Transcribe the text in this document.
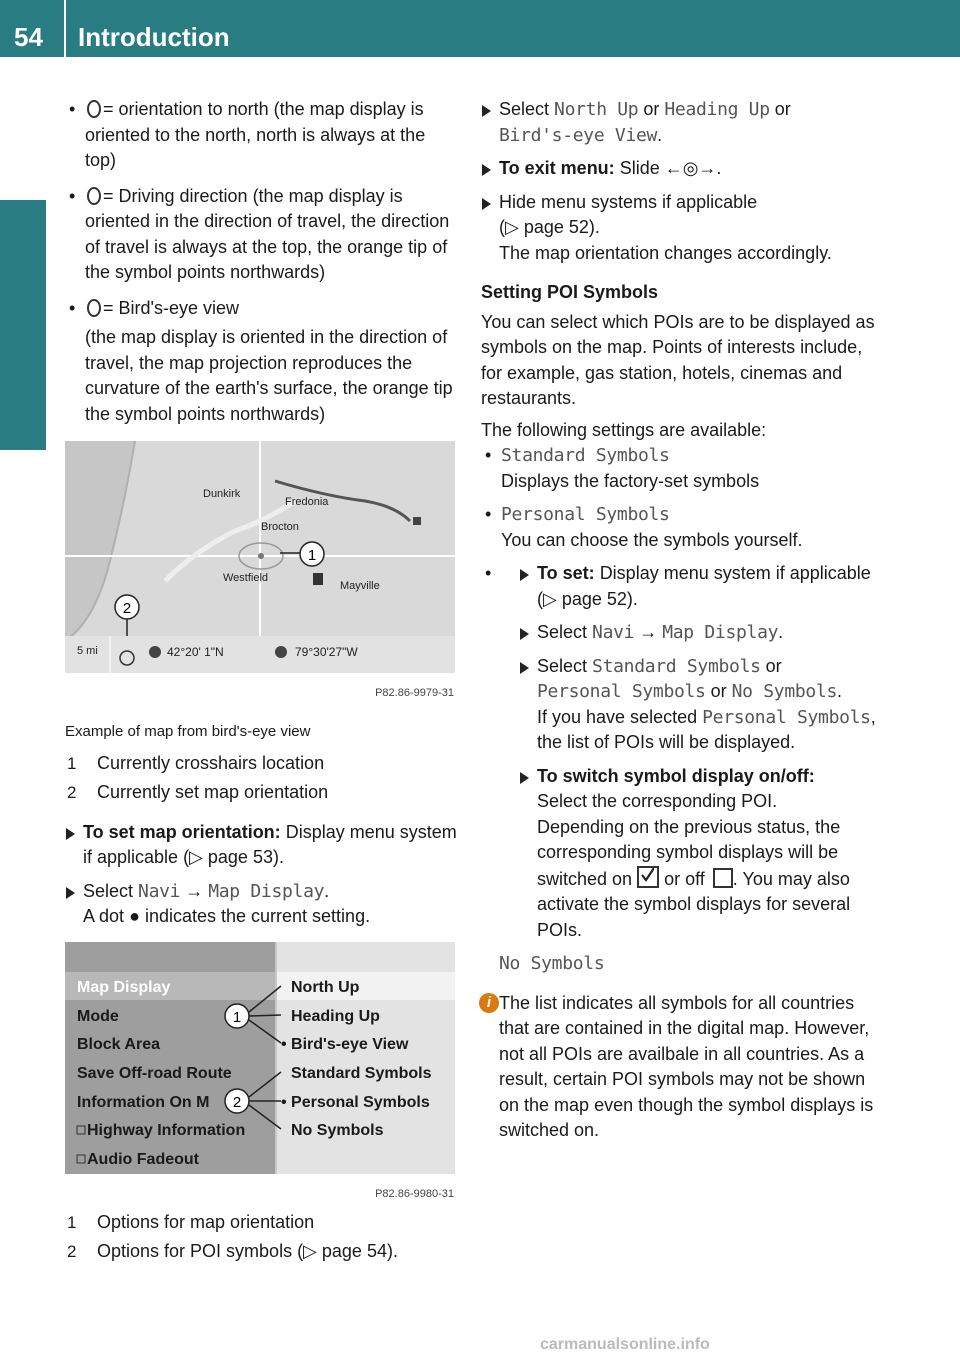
54 Introduction
Navigation
• = orientation to north (the map display is oriented to the north, north is always at the top)
• = Driving direction (the map display is oriented in the direction of travel, the direction of travel is always at the top, the orange tip of the symbol points northwards)
• = Bird's-eye view
(the map display is oriented in the direction of travel, the map projection reproduces the curvature of the earth's surface, the orange tip the symbol points northwards)
Dunkirk
Fredonia
Brocton
Westfield
Mayville
1
2
5 mi	42°20' 1"N	79°30'27"W
P82.86-9979-31
Example of map from bird's-eye view
1 Currently crosshairs location
2 Currently set map orientation
To set map orientation: Display menu system if applicable (▷ page 53).
Select Navi → Map Display.
A dot ● indicates the current setting.
Map Display
Mode
Block Area
Save Off-road Route
Information On M
Highway Information
Audio Fadeout
North Up
Heading Up
• Bird's-eye View
Standard Symbols
• Personal Symbols
No Symbols
1
2
P82.86-9980-31
1 Options for map orientation
2 Options for POI symbols (▷ page 54).
Select North Up or Heading Up or
Bird's-eye View.
To exit menu: Slide ←◎→.
Hide menu systems if applicable
(▷ page 52).
The map orientation changes accordingly.
Setting POI Symbols
You can select which POIs are to be displayed as symbols on the map. Points of interests include, for example, gas station, hotels, cinemas and restaurants.
The following settings are available:
• Standard Symbols
Displays the factory-set symbols
• Personal Symbols
You can choose the symbols yourself.
• To set: Display menu system if applicable (▷ page 52).
Select Navi → Map Display.
Select Standard Symbols or
Personal Symbols or No Symbols.
If you have selected Personal Symbols, the list of POIs will be displayed.
To switch symbol display on/off:
Select the corresponding POI.
Depending on the previous status, the corresponding symbol displays will be switched on or off . You may also activate the symbol displays for several POIs.
No Symbols
i The list indicates all symbols for all countries that are contained in the digital map. However, not all POIs are availbale in all countries. As a result, certain POI symbols may not be shown on the map even though the symbol displays is switched on.
carmanualsonline.info
